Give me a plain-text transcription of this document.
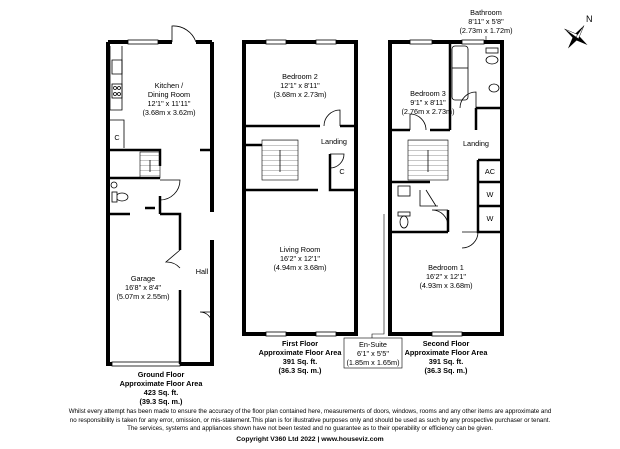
Kitchen /
Dining Room
12'1" x 11'11"
(3.68m x 3.62m)
C
Hall
Garage
16'8" x 8'4"
(5.07m x 2.55m)
Ground Floor
Approximate Floor Area
423 Sq. ft.
(39.3 Sq. m.)
Bedroom 2
12'1" x 8'11"
(3.68m x 2.73m)
Landing
C
Living Room
16'2" x 12'1"
(4.94m x 3.68m)
First Floor
Approximate Floor Area
391 Sq. ft.
(36.3 Sq. m.)
Bathroom
8'11" x 5'8"
(2.73m x 1.72m)
Bedroom 3
9'1" x 8'11"
(2.76m x 2.73m)
Landing
AC
W
W
Bedroom 1
16'2" x 12'1"
(4.93m x 3.68m)
En-Suite
6'1" x 5'5"
(1.85m x 1.65m)
Second Floor
Approximate Floor Area
391 Sq. ft.
(36.3 Sq. m.)
N
Whilst every attempt has been made to ensure the accuracy of the floor plan contained here, measurements of doors, windows, rooms and any other items are approximate and
no responsibility is taken for any error, omission, or mis-statement.This plan is for illustrative purposes only and should be used as such by any prospective purchaser or tenant.
The services, systems and appliances shown have not been tested and no guarantee as to their operability or efficiency can be given.
Copyright V360 Ltd 2022 | www.houseviz.com
